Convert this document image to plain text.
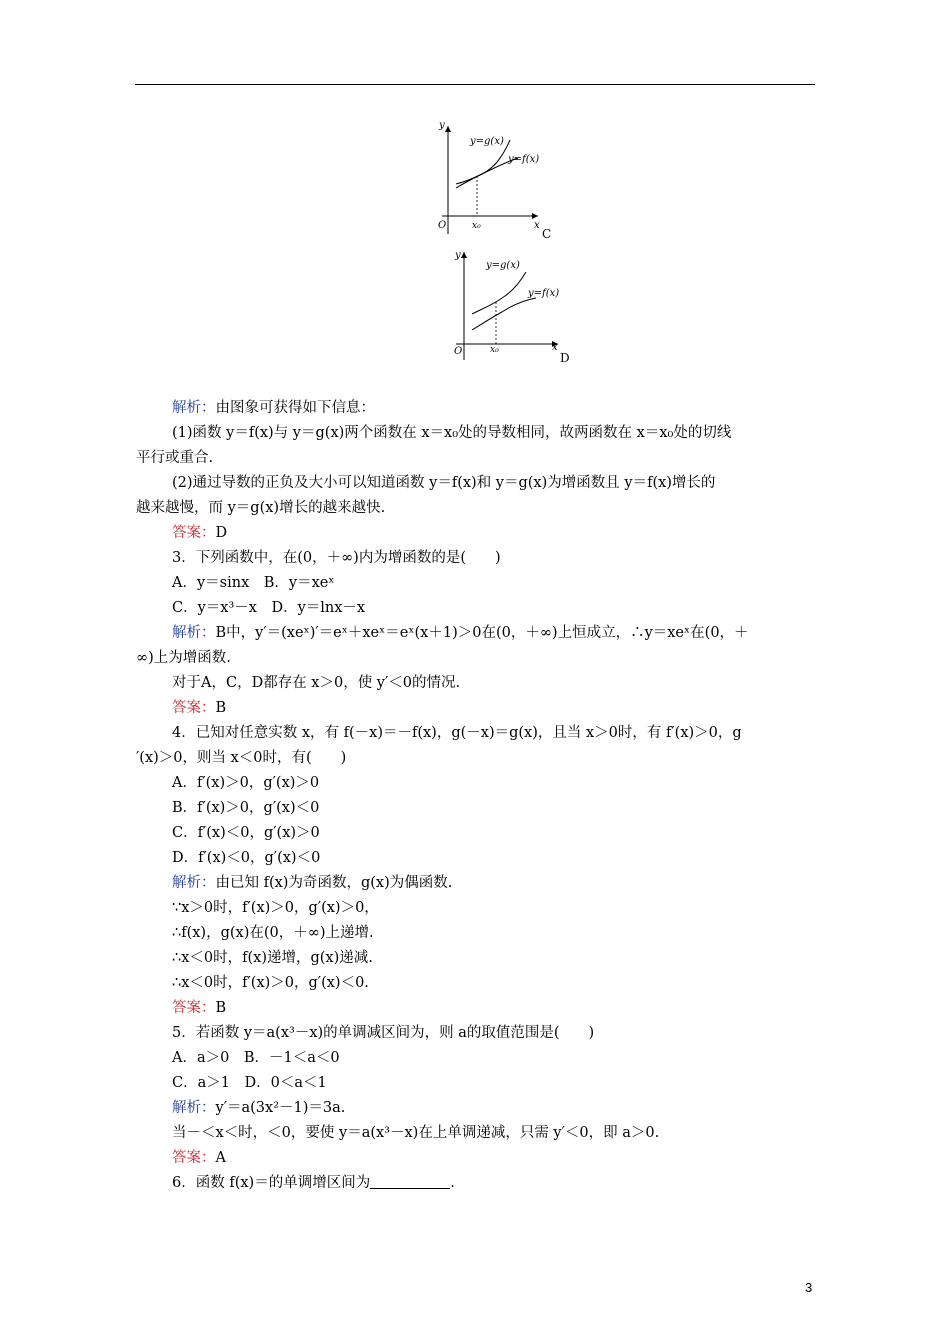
y
x
O	x₀
y=g(x)
y=f(x)
C
y
x
O	x₀
y=g(x)
y=f(x)
D
解析：由图象可获得如下信息：
(1)函数 y＝f(x)与 y＝g(x)两个函数在 x＝x₀处的导数相同，故两函数在 x＝x₀处的切线
平行或重合.
(2)通过导数的正负及大小可以知道函数 y＝f(x)和 y＝g(x)为增函数且 y＝f(x)增长的
越来越慢，而 y＝g(x)增长的越来越快.
答案：D
3．下列函数中，在(0，＋∞)内为增函数的是(　　)
A．y＝sinx　B．y＝xeˣ
C．y＝x³－x　D．y＝lnx－x
解析：B中，y′＝(xeˣ)′＝eˣ＋xeˣ＝eˣ(x＋1)＞0在(0，＋∞)上恒成立，∴y＝xeˣ在(0，＋
∞)上为增函数.
对于A，C，D都存在 x＞0，使 y′＜0的情况.
答案：B
4．已知对任意实数 x，有 f(－x)＝－f(x)，g(－x)＝g(x)，且当 x＞0时，有 f′(x)＞0，g
′(x)＞0，则当 x＜0时，有(　　)
A．f′(x)＞0，g′(x)＞0
B．f′(x)＞0，g′(x)＜0
C．f′(x)＜0，g′(x)＞0
D．f′(x)＜0，g′(x)＜0
解析：由已知 f(x)为奇函数，g(x)为偶函数.
∵x＞0时，f′(x)＞0，g′(x)＞0，
∴f(x)，g(x)在(0，＋∞)上递增.
∴x＜0时，f(x)递增，g(x)递减.
∴x＜0时，f′(x)＞0，g′(x)＜0.
答案：B
5．若函数 y＝a(x³－x)的单调减区间为，则 a的取值范围是(　　)
A．a＞0　B．－1＜a＜0
C．a＞1　D．0＜a＜1
解析：y′＝a(3x²－1)＝3a.
当－＜x＜时，＜0，要使 y＝a(x³－x)在上单调递减，只需 y′＜0，即 a＞0.
答案：A
6．函数 f(x)＝的单调增区间为	.
3
